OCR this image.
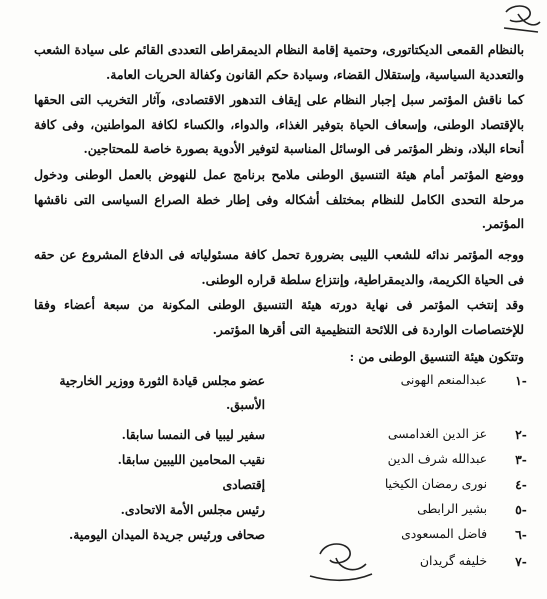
بالنظام القمعى الديكتاتورى، وحتمية إقامة النظام الديمقراطى التعددى القائم على سيادة الشعب والتعددية السياسية، وإستقلال القضاء، وسيادة حكم القانون وكفالة الحريات العامة.
كما ناقش المؤتمر سبل إجبار النظام على إيقاف التدهور الاقتصادى، وآثار التخريب التى الحقها بالإقتصاد الوطنى، وإسعاف الحياة بتوفير الغذاء، والدواء، والكساء لكافة المواطنين، وفى كافة أنحاء البلاد، ونظر المؤتمر فى الوسائل المناسبة لتوفير الأدوية بصورة خاصة للمحتاجين.
ووضع المؤتمر أمام هيئة التنسيق الوطنى ملامح برنامج عمل للنهوض بالعمل الوطنى ودخول مرحلة التحدى الكامل للنظام بمختلف أشكاله وفى إطار خطة الصراع السياسى التى ناقشها المؤتمر.
ووجه المؤتمر ندائه للشعب الليبى بضرورة تحمل كافة مسئولياته فى الدفاع المشروع عن حقه فى الحياة الكريمة، والديمقراطية، وإنتزاع سلطة قراره الوطنى.
وقد إنتخب المؤتمر فى نهاية دورته هيئة التنسيق الوطنى المكونة من سبعة أعضاء وفقا للإختصاصات الواردة فى اللائحة التنظيمية التى أقرها المؤتمر.
وتتكون هيئة التنسيق الوطنى من :
-١
عبدالمنعم الهونى
عضو مجلس قيادة الثورة ووزير الخارجية
الأسبق.
-٢
عز الدين الغدامسى
سفير ليبيا فى النمسا سابقا.
-٣
عبدالله شرف الدين
نقيب المحامين الليبين سابقا.
-٤
نورى رمضان الكيخيا
إقتصادى
-٥
بشير الرابطى
رئيس مجلس الأمة الاتحادى.
-٦
فاضل المسعودى
صحافى ورئيس جريدة الميدان اليومية.
-٧
خليفه گريدان
